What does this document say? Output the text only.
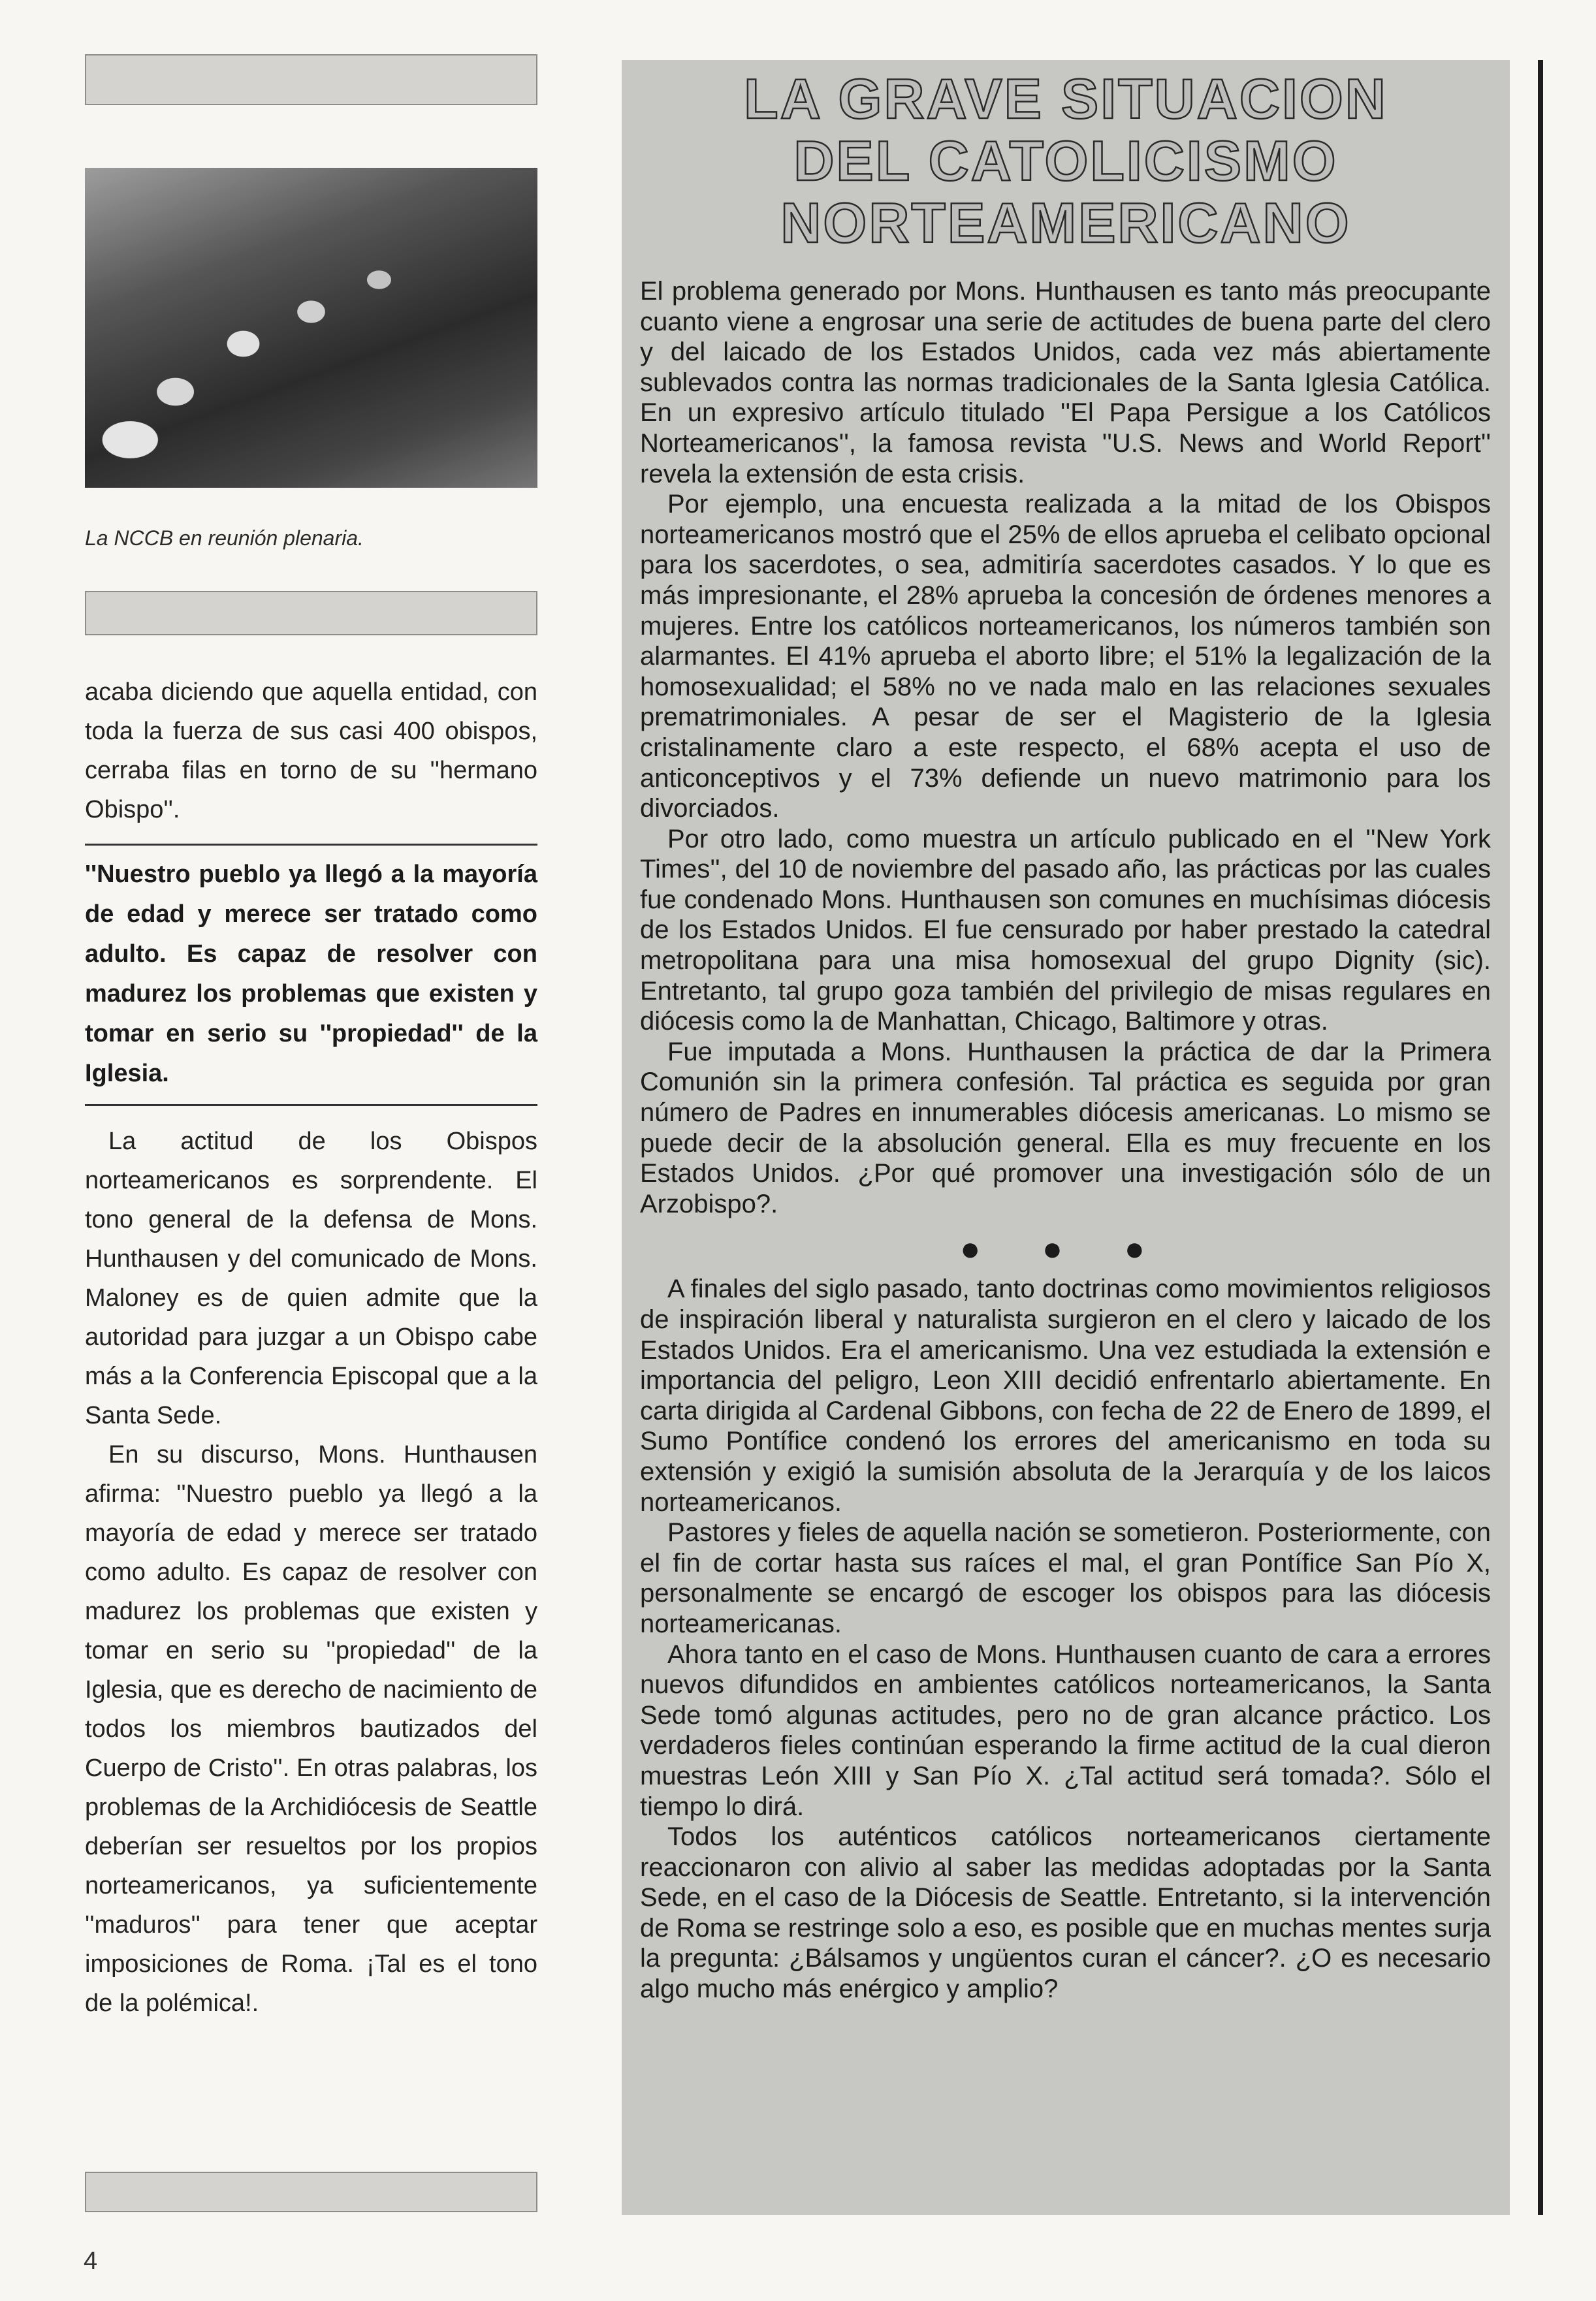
La NCCB en reunión plenaria.

acaba diciendo que aquella entidad, con toda la fuerza de sus casi 400 obispos, cerraba filas en torno de su ''hermano Obispo''.

''Nuestro pueblo ya llegó a la mayoría de edad y merece ser tratado como adulto. Es capaz de resolver con madurez los problemas que existen y tomar en serio su ''propiedad'' de la Iglesia.

La actitud de los Obispos norteamericanos es sorprendente. El tono general de la defensa de Mons. Hunthausen y del comunicado de Mons. Maloney es de quien admite que la autoridad para juzgar a un Obispo cabe más a la Conferencia Episcopal que a la Santa Sede.

En su discurso, Mons. Hunthausen afirma: ''Nuestro pueblo ya llegó a la mayoría de edad y merece ser tratado como adulto. Es capaz de resolver con madurez los problemas que existen y tomar en serio su ''propiedad'' de la Iglesia, que es derecho de nacimiento de todos los miembros bautizados del Cuerpo de Cristo''. En otras palabras, los problemas de la Archidiócesis de Seattle deberían ser resueltos por los propios norteamericanos, ya suficientemente ''maduros'' para tener que aceptar imposiciones de Roma. ¡Tal es el tono de la polémica!.

4
LA GRAVE SITUACION
DEL CATOLICISMO
NORTEAMERICANO

El problema generado por Mons. Hunthausen es tanto más preocupante cuanto viene a engrosar una serie de actitudes de buena parte del clero y del laicado de los Estados Unidos, cada vez más abiertamente sublevados contra las normas tradicionales de la Santa Iglesia Católica. En un expresivo artículo titulado ''El Papa Persigue a los Católicos Norteamericanos'', la famosa revista ''U.S. News and World Report'' revela la extensión de esta crisis.

Por ejemplo, una encuesta realizada a la mitad de los Obispos norteamericanos mostró que el 25% de ellos aprueba el celibato opcional para los sacerdotes, o sea, admitiría sacerdotes casados. Y lo que es más impresionante, el 28% aprueba la concesión de órdenes menores a mujeres. Entre los católicos norteamericanos, los números también son alarmantes. El 41% aprueba el aborto libre; el 51% la legalización de la homosexualidad; el 58% no ve nada malo en las relaciones sexuales prematrimoniales. A pesar de ser el Magisterio de la Iglesia cristalinamente claro a este respecto, el 68% acepta el uso de anticonceptivos y el 73% defiende un nuevo matrimonio para los divorciados.

Por otro lado, como muestra un artículo publicado en el ''New York Times'', del 10 de noviembre del pasado año, las prácticas por las cuales fue condenado Mons. Hunthausen son comunes en muchísimas diócesis de los Estados Unidos. El fue censurado por haber prestado la catedral metropolitana para una misa homosexual del grupo Dignity (sic). Entretanto, tal grupo goza también del privilegio de misas regulares en diócesis como la de Manhattan, Chicago, Baltimore y otras.

Fue imputada a Mons. Hunthausen la práctica de dar la Primera Comunión sin la primera confesión. Tal práctica es seguida por gran número de Padres en innumerables diócesis americanas. Lo mismo se puede decir de la absolución general. Ella es muy frecuente en los Estados Unidos. ¿Por qué promover una investigación sólo de un Arzobispo?.

● ● ●

A finales del siglo pasado, tanto doctrinas como movimientos religiosos de inspiración liberal y naturalista surgieron en el clero y laicado de los Estados Unidos. Era el americanismo. Una vez estudiada la extensión e importancia del peligro, Leon XIII decidió enfrentarlo abiertamente. En carta dirigida al Cardenal Gibbons, con fecha de 22 de Enero de 1899, el Sumo Pontífice condenó los errores del americanismo en toda su extensión y exigió la sumisión absoluta de la Jerarquía y de los laicos norteamericanos.

Pastores y fieles de aquella nación se sometieron. Posteriormente, con el fin de cortar hasta sus raíces el mal, el gran Pontífice San Pío X, personalmente se encargó de escoger los obispos para las diócesis norteamericanas.

Ahora tanto en el caso de Mons. Hunthausen cuanto de cara a errores nuevos difundidos en ambientes católicos norteamericanos, la Santa Sede tomó algunas actitudes, pero no de gran alcance práctico. Los verdaderos fieles continúan esperando la firme actitud de la cual dieron muestras León XIII y San Pío X. ¿Tal actitud será tomada?. Sólo el tiempo lo dirá.

Todos los auténticos católicos norteamericanos ciertamente reaccionaron con alivio al saber las medidas adoptadas por la Santa Sede, en el caso de la Diócesis de Seattle. Entretanto, si la intervención de Roma se restringe solo a eso, es posible que en muchas mentes surja la pregunta: ¿Bálsamos y ungüentos curan el cáncer?. ¿O es necesario algo mucho más enérgico y amplio?
